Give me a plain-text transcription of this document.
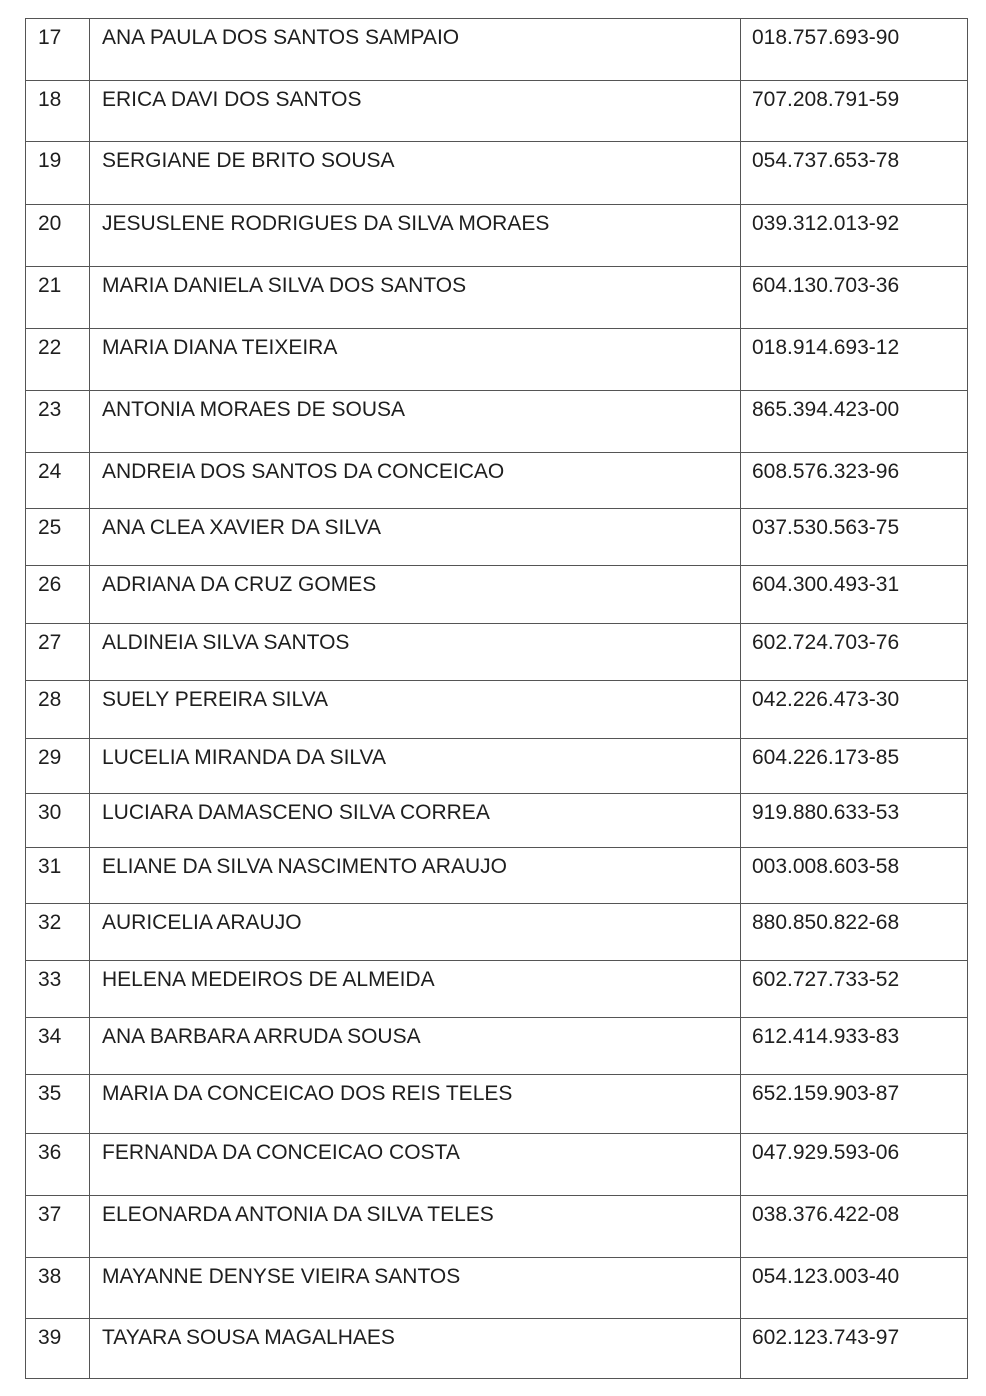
17	ANA PAULA DOS SANTOS SAMPAIO	018.757.693-90
18	ERICA DAVI DOS SANTOS	707.208.791-59
19	SERGIANE DE BRITO SOUSA	054.737.653-78
20	JESUSLENE RODRIGUES DA SILVA MORAES	039.312.013-92
21	MARIA DANIELA SILVA DOS SANTOS	604.130.703-36
22	MARIA DIANA TEIXEIRA	018.914.693-12
23	ANTONIA MORAES DE SOUSA	865.394.423-00
24	ANDREIA DOS SANTOS DA CONCEICAO	608.576.323-96
25	ANA CLEA XAVIER DA SILVA	037.530.563-75
26	ADRIANA DA CRUZ GOMES	604.300.493-31
27	ALDINEIA SILVA SANTOS	602.724.703-76
28	SUELY PEREIRA SILVA	042.226.473-30
29	LUCELIA MIRANDA DA SILVA	604.226.173-85
30	LUCIARA DAMASCENO SILVA CORREA	919.880.633-53
31	ELIANE DA SILVA NASCIMENTO ARAUJO	003.008.603-58
32	AURICELIA ARAUJO	880.850.822-68
33	HELENA MEDEIROS DE ALMEIDA	602.727.733-52
34	ANA BARBARA ARRUDA SOUSA	612.414.933-83
35	MARIA DA CONCEICAO DOS REIS TELES	652.159.903-87
36	FERNANDA DA CONCEICAO COSTA	047.929.593-06
37	ELEONARDA ANTONIA DA SILVA TELES	038.376.422-08
38	MAYANNE DENYSE VIEIRA SANTOS	054.123.003-40
39	TAYARA SOUSA MAGALHAES	602.123.743-97
